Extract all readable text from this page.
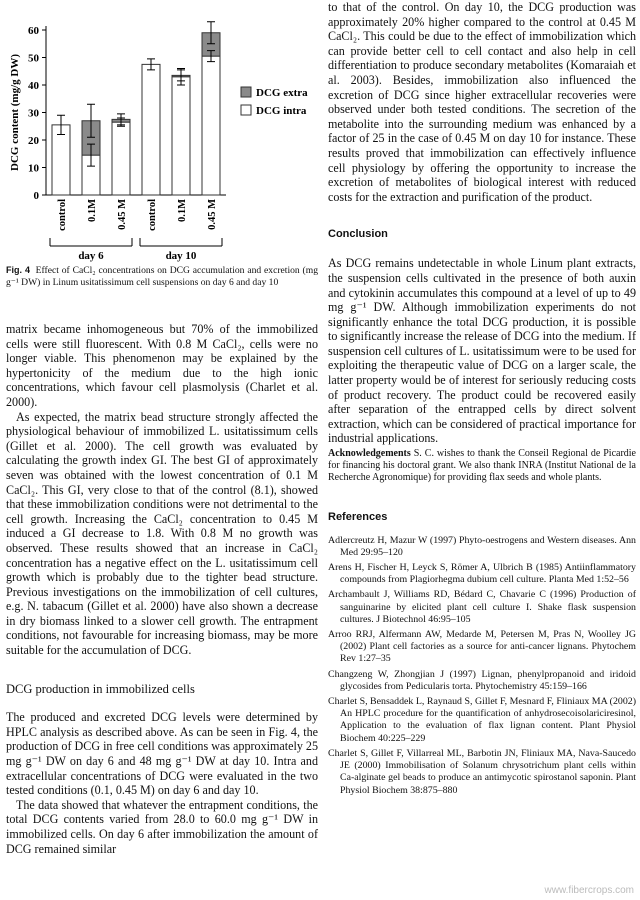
0
10
20
30
40
50
60
DCG content (mg/g DW)
control 0.1M 0.45 M control 0.1M 0.45 M
day 6	day 10
DCG extra
DCG intra
Fig. 4 Effect of CaCl₂ concentrations on DCG accumulation and excretion (mg g⁻¹ DW) in Linum usitatissimum cell suspensions on day 6 and day 10

matrix became inhomogeneous but 70% of the immobilized cells were still fluorescent. With 0.8 M CaCl₂, cells were no longer viable. This phenomenon may be explained by the hypertonicity of the medium due to the high ionic concentrations, which favour cell plasmolysis (Charlet et al. 2000).

As expected, the matrix bead structure strongly affected the physiological behaviour of immobilized L. usitatissimum cells (Gillet et al. 2000). The cell growth was evaluated by calculating the growth index GI. The best GI of approximately seven was obtained with the lowest concentration of 0.1 M CaCl₂. This GI, very close to that of the control (8.1), showed that these immobilization conditions were not detrimental to the cell growth. Increasing the CaCl₂ concentration to 0.45 M induced a GI decrease to 1.8. With 0.8 M no growth was observed. These results showed that an increase in CaCl₂ concentration has a negative effect on the L. usitatissimum cell growth which is probably due to the tighter bead structure. Previous investigations on the immobilization of cell cultures, e.g. N. tabacum (Gillet et al. 2000) have also shown a decrease in dry biomass linked to a slower cell growth. The entrapment conditions, not favourable for increasing biomass, may be more suitable for the accumulation of DCG.

DCG production in immobilized cells

The produced and excreted DCG levels were determined by HPLC analysis as described above. As can be seen in Fig. 4, the production of DCG in free cell conditions was approximately 25 mg g⁻¹ DW on day 6 and 48 mg g⁻¹ DW at day 10. Intra and extracellular concentrations of DCG were evaluated in the two tested conditions (0.1, 0.45 M) on day 6 and day 10.

The data showed that whatever the entrapment conditions, the total DCG contents varied from 28.0 to 60.0 mg g⁻¹ DW in immobilized cells. On day 6 after immobilization the amount of DCG remained similar

to that of the control. On day 10, the DCG production was approximately 20% higher compared to the control at 0.45 M CaCl₂. This could be due to the effect of immobilization which can provide better cell to cell contact and also help in cell differentiation to produce secondary metabolites (Komaraiah et al. 2003). Besides, immobilization also influenced the excretion of DCG since higher extracellular recoveries were observed under both tested conditions. The secretion of the metabolite into the surrounding medium was enhanced by a factor of 25 in the case of 0.45 M on day 10 for instance. These results proved that immobilization can effectively influence cell physiology by offering the opportunity to increase the excretion of metabolites of biological interest with reduced costs for the extraction and purification of the product.

Conclusion

As DCG remains undetectable in whole Linum plant extracts, the suspension cells cultivated in the presence of both auxin and cytokinin accumulates this compound at a level of up to 49 mg g⁻¹ DW. Although immobilization experiments do not significantly enhance the total DCG production, it is possible to significantly increase the release of DCG into the medium. If suspension cell cultures of L. usitatissimum were to be used for exploiting the therapeutic value of DCG on a larger scale, the latter property would be of interest for seriously reducing costs of product recovery. The product could be recovered easily after separation of the entrapped cells by direct solvent extraction, which can be considered of practical importance for industrial applications.

Acknowledgements S. C. wishes to thank the Conseil Regional de Picardie for financing his doctoral grant. We also thank INRA (Institut National de la Recherche Agronomique) for providing flax seeds and whole plants.

References

Adlercreutz H, Mazur W (1997) Phyto-oestrogens and Western diseases. Ann Med 29:95–120

Arens H, Fischer H, Leyck S, Römer A, Ulbrich B (1985) Antiinflammatory compounds from Plagiorhegma dubium cell culture. Planta Med 1:52–56

Archambault J, Williams RD, Bédard C, Chavarie C (1996) Production of sanguinarine by elicited plant cell culture I. Shake flask suspension cultures. J Biotechnol 46:95–105

Arroo RRJ, Alfermann AW, Medarde M, Petersen M, Pras N, Woolley JG (2002) Plant cell factories as a source for anti-cancer lignans. Phytochem Rev 1:27–35

Changzeng W, Zhongjian J (1997) Lignan, phenylpropanoid and iridoid glycosides from Pedicularis torta. Phytochemistry 45:159–166

Charlet S, Bensaddek L, Raynaud S, Gillet F, Mesnard F, Fliniaux MA (2002) An HPLC procedure for the quantification of anhydrosecoisolariciresinol, Application to the evaluation of flax lignan content. Plant Physiol Biochem 40:225–229

Charlet S, Gillet F, Villarreal ML, Barbotin JN, Fliniaux MA, Nava-Saucedo JE (2000) Immobilisation of Solanum chrysotrichum plant cells within Ca-alginate gel beads to produce an antimycotic spirostanol saponin. Plant Physiol Biochem 38:875–880

www.fibercrops.com
